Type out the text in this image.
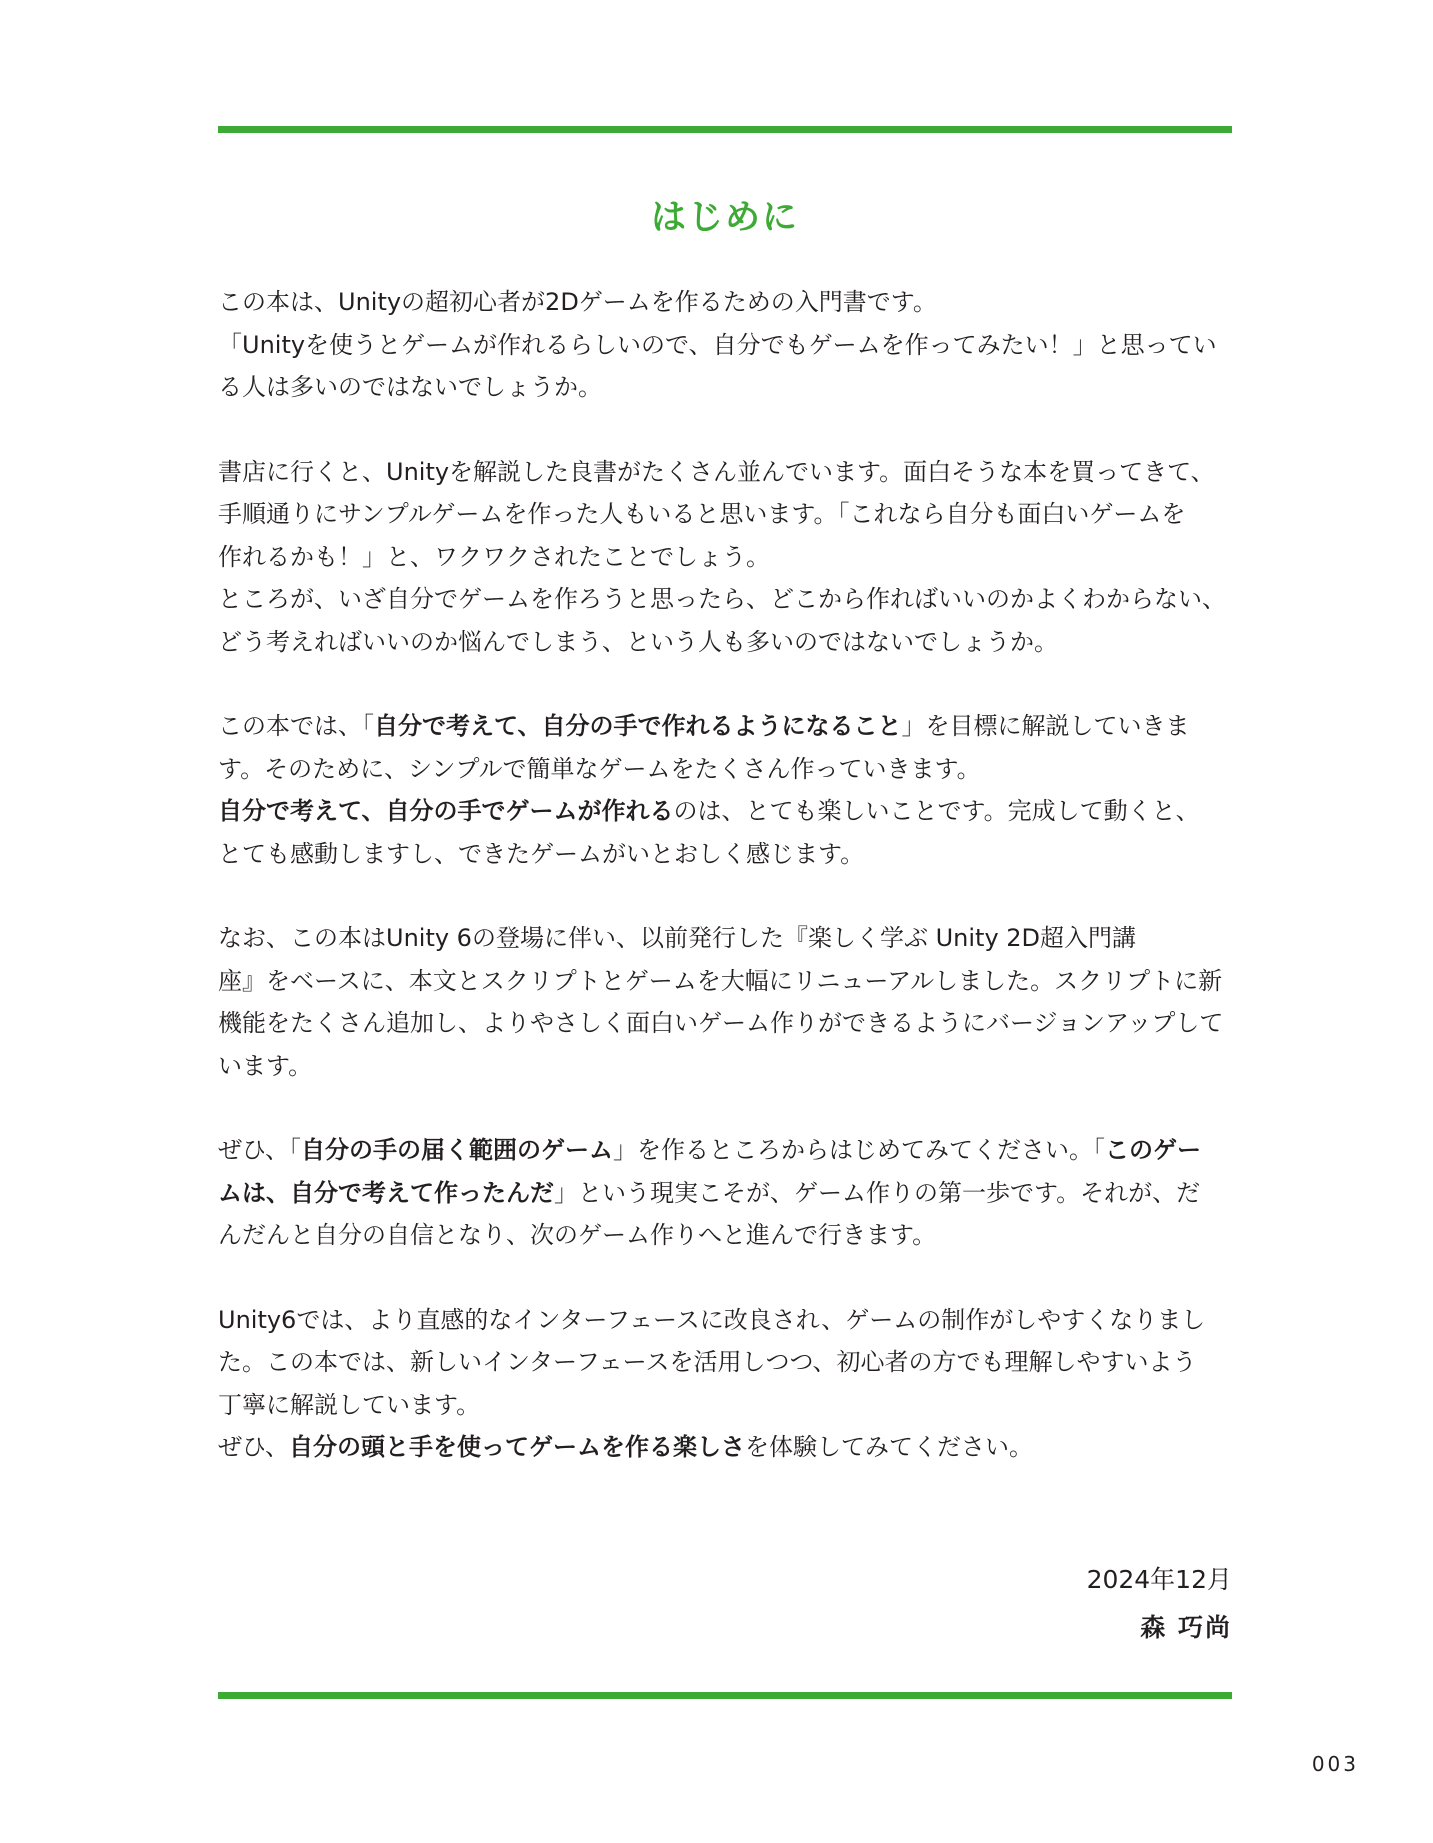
はじめに

この本は、Unityの超初心者が2Dゲームを作るための入門書です。
「Unityを使うとゲームが作れるらしいので、自分でもゲームを作ってみたい！」と思ってい
る人は多いのではないでしょうか。

書店に行くと、Unityを解説した良書がたくさん並んでいます。面白そうな本を買ってきて、
手順通りにサンプルゲームを作った人もいると思います。「これなら自分も面白いゲームを
作れるかも！」と、ワクワクされたことでしょう。
ところが、いざ自分でゲームを作ろうと思ったら、どこから作ればいいのかよくわからない、
どう考えればいいのか悩んでしまう、という人も多いのではないでしょうか。

この本では、「自分で考えて、自分の手で作れるようになること」を目標に解説していきま
す。そのために、シンプルで簡単なゲームをたくさん作っていきます。
自分で考えて、自分の手でゲームが作れるのは、とても楽しいことです。完成して動くと、
とても感動しますし、できたゲームがいとおしく感じます。

なお、この本はUnity 6の登場に伴い、以前発行した『楽しく学ぶ Unity 2D超入門講
座』をベースに、本文とスクリプトとゲームを大幅にリニューアルしました。スクリプトに新
機能をたくさん追加し、よりやさしく面白いゲーム作りができるようにバージョンアップして
います。

ぜひ、「自分の手の届く範囲のゲーム」を作るところからはじめてみてください。「このゲー
ムは、自分で考えて作ったんだ」という現実こそが、ゲーム作りの第一歩です。それが、だ
んだんと自分の自信となり、次のゲーム作りへと進んで行きます。

Unity6では、より直感的なインターフェースに改良され、ゲームの制作がしやすくなりまし
た。この本では、新しいインターフェースを活用しつつ、初心者の方でも理解しやすいよう
丁寧に解説しています。
ぜひ、自分の頭と手を使ってゲームを作る楽しさを体験してみてください。

2024年12月
森 巧尚
003
